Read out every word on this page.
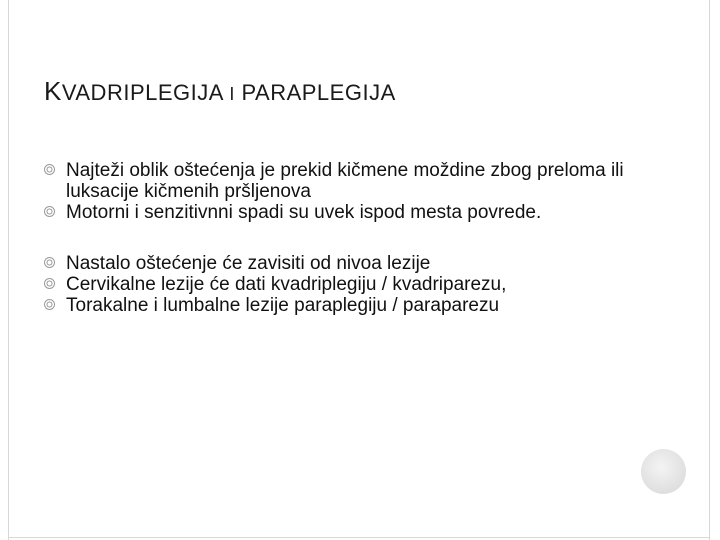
KVADRIPLEGIJA I PARAPLEGIJA
Najteži oblik oštećenja je prekid kičmene moždine zbog preloma ili luksacije kičmenih pršljenova
Motorni i senzitivnni spadi su uvek ispod mesta povrede.
Nastalo oštećenje će zavisiti od nivoa lezije
Cervikalne lezije će dati kvadriplegiju / kvadriparezu,
Torakalne i lumbalne lezije paraplegiju / paraparezu
